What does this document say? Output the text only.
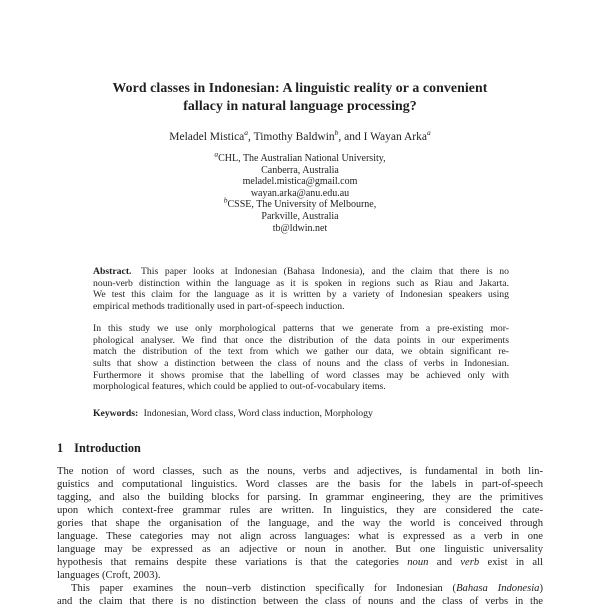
Word classes in Indonesian: A linguistic reality or a convenient
fallacy in natural language processing?
Meladel Mistica$^a$, Timothy Baldwin$^b$, and I Wayan Arka$^a$
$^a$CHL, The Australian National University,
Canberra, Australia
meladel.mistica@gmail.com
wayan.arka@anu.edu.au
$^b$CSSE, The University of Melbourne,
Parkville, Australia
tb@ldwin.net
Abstract. This paper looks at Indonesian (Bahasa Indonesia), and the claim that there is no
noun-verb distinction within the language as it is spoken in regions such as Riau and Jakarta.
We test this claim for the language as it is written by a variety of Indonesian speakers using
empirical methods traditionally used in part-of-speech induction.
In this study we use only morphological patterns that we generate from a pre-existing mor-
phological analyser. We find that once the distribution of the data points in our experiments
match the distribution of the text from which we gather our data, we obtain significant re-
sults that show a distinction between the class of nouns and the class of verbs in Indonesian.
Furthermore it shows promise that the labelling of word classes may be achieved only with
morphological features, which could be applied to out-of-vocabulary items.
Keywords: Indonesian, Word class, Word class induction, Morphology
1 Introduction
The notion of word classes, such as the nouns, verbs and adjectives, is fundamental in both lin-
guistics and computational linguistics. Word classes are the basis for the labels in part-of-speech
tagging, and also the building blocks for parsing. In grammar engineering, they are the primitives
upon which context-free grammar rules are written. In linguistics, they are considered the cate-
gories that shape the organisation of the language, and the way the world is conceived through
language. These categories may not align across languages: what is expressed as a verb in one
language may be expressed as an adjective or noun in another. But one linguistic universality
hypothesis that remains despite these variations is that the categories noun and verb exist in all
languages (Croft, 2003).
This paper examines the noun–verb distinction specifically for Indonesian (Bahasa Indonesia)
and the claim that there is no distinction between the class of nouns and the class of verbs in the
